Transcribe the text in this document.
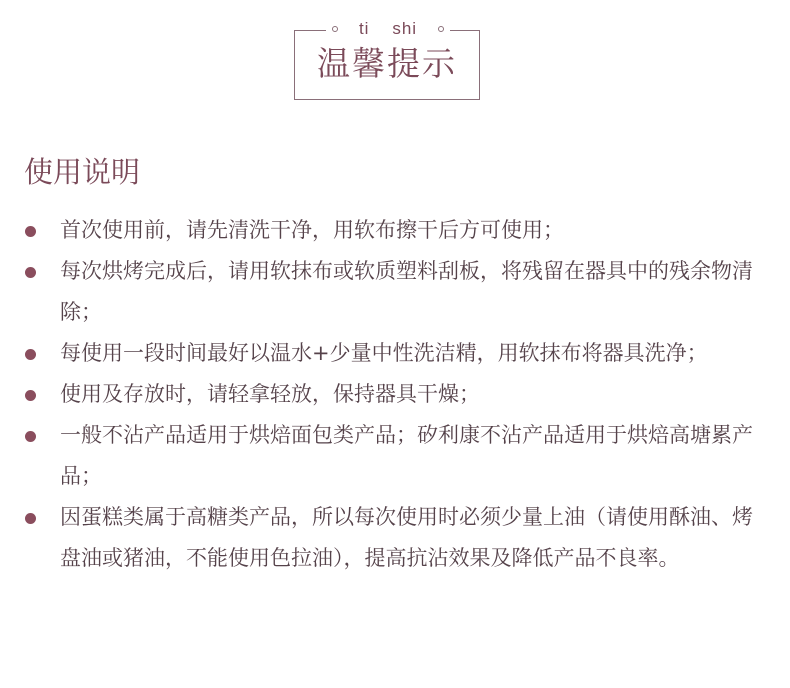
ti    shi
温馨提示
使用说明
首次使用前，请先清洗干净，用软布擦干后方可使用；
每次烘烤完成后，请用软抹布或软质塑料刮板，将残留在器具中的残余物清除；
每使用一段时间最好以温水+少量中性洗洁精，用软抹布将器具洗净；
使用及存放时，请轻拿轻放，保持器具干燥；
一般不沾产品适用于烘焙面包类产品；矽利康不沾产品适用于烘焙高塘累产品；
因蛋糕类属于高糖类产品，所以每次使用时必须少量上油（请使用酥油、烤盘油或猪油，不能使用色拉油），提高抗沾效果及降低产品不良率。
